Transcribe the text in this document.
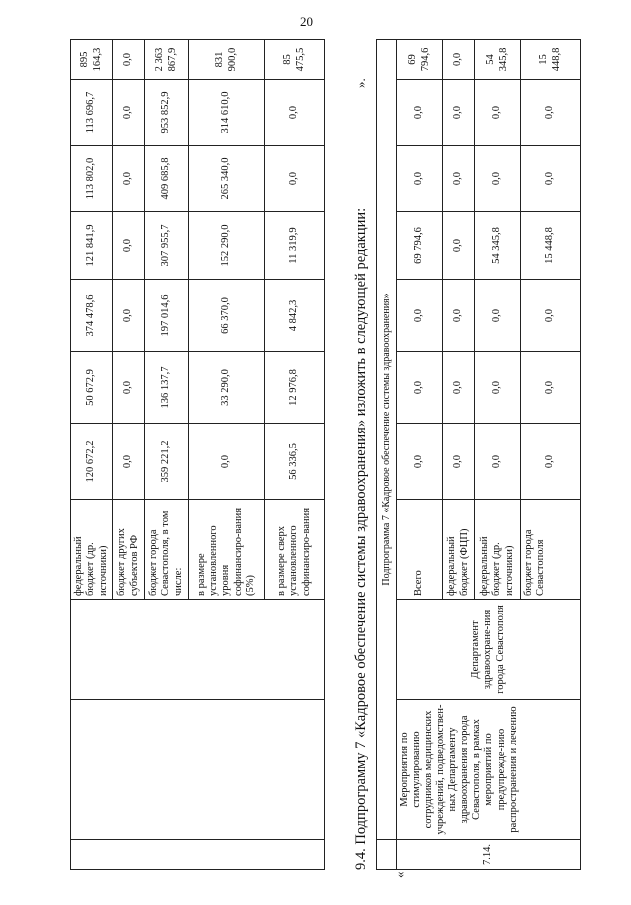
20
			федеральный бюджет (др. источники)	120 672,2	50 672,9	374 478,6	121 841,9	113 802,0	113 696,7	895 164,3
			бюджет других субъектов РФ	0,0	0,0	0,0	0,0	0,0	0,0	0,0
			бюджет города Севастополя, в том числе:	359 221,2	136 137,7	197 014,6	307 955,7	409 685,8	953 852,9	2 363 867,9
			в размере установленного уровня софинансиро-вания (5%)	0,0	33 290,0	66 370,0	152 290,0	265 340,0	314 610,0	831 900,0
			в размере сверх установленного софинансиро-вания	56 336,5	12 976,8	4 842,3	11 319,9	0,0	0,0	85 475,5
».
9.4. Подпрограмму 7 «Кадровое обеспечение системы здравоохранения» изложить в следующей редакции:
«
	Подпрограмма 7 «Кадровое обеспечение системы здравоохранения»									
7.14.	Мероприятия по стимулированию сотрудников медицинских учреждений, подведомствен-ных Департаменту здравоохранения города Севастополя, в рамках мероприятий по предупрежде-нию распространения и лечению	Департамент здравоохране-ния города Севастополя	Всего	0,0	0,0	0,0	69 794,6	0,0	0,0	69 794,6
			федеральный бюджет (ФЦП)	0,0	0,0	0,0	0,0	0,0	0,0	0,0
			федеральный бюджет (др. источники)	0,0	0,0	0,0	54 345,8	0,0	0,0	54 345,8
			бюджет города Севастополя	0,0	0,0	0,0	15 448,8	0,0	0,0	15 448,8
